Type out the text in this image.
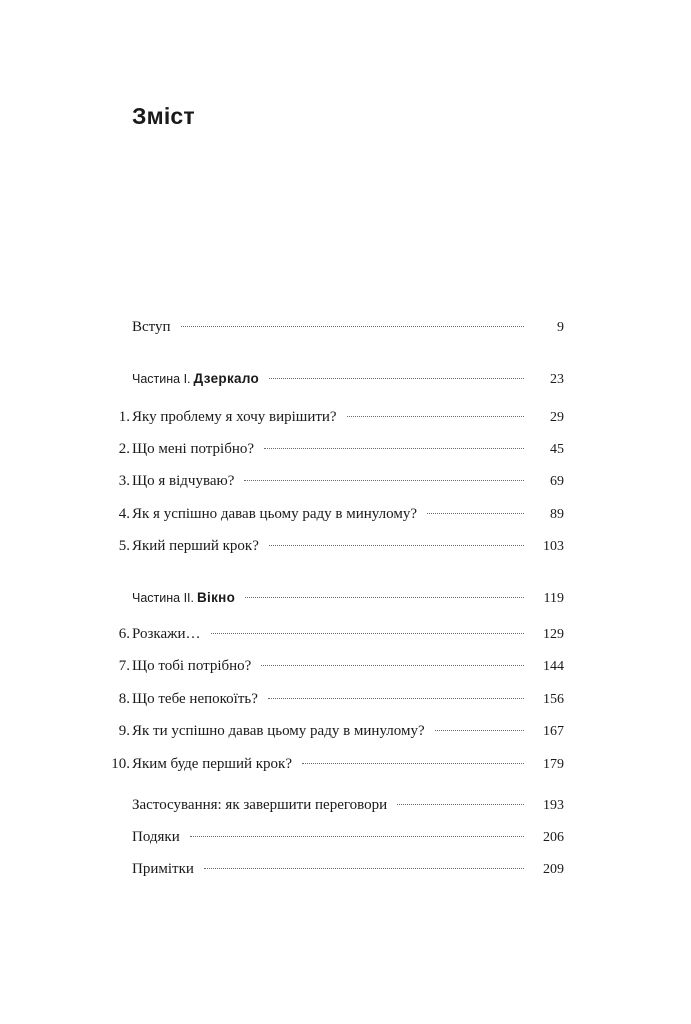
Зміст
Вступ	9
Частина І. Дзеркало	23
1. Яку проблему я хочу вирішити?	29
2. Що мені потрібно?	45
3. Що я відчуваю?	69
4. Як я успішно давав цьому раду в минулому?	89
5. Який перший крок?	103
Частина ІІ. Вікно	119
6. Розкажи…	129
7. Що тобі потрібно?	144
8. Що тебе непокоїть?	156
9. Як ти успішно давав цьому раду в минулому?	167
10. Яким буде перший крок?	179
Застосування: як завершити переговори	193
Подяки	206
Примітки	209
